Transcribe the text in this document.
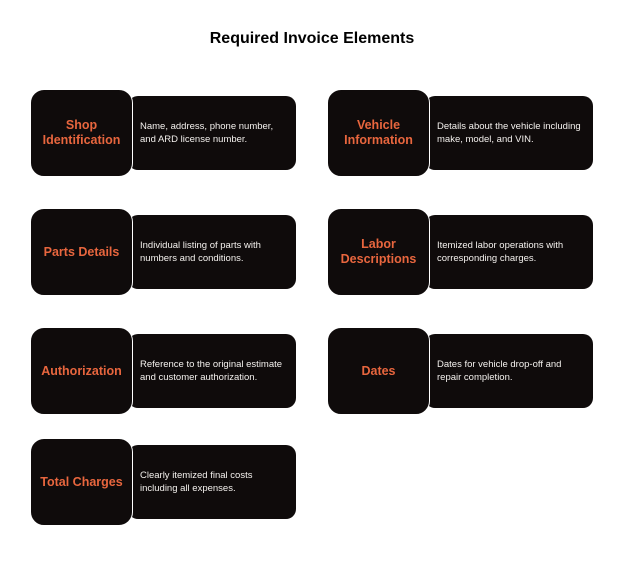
Required Invoice Elements
Name, address, phone number, and ARD license number.
Shop Identification
Details about the vehicle including make, model, and VIN.
Vehicle Information
Individual listing of parts with numbers and conditions.
Parts Details	Itemized labor operations with corresponding charges.
Labor Descriptions
Reference to the original estimate and customer authorization.
Authorization	Dates for vehicle drop-off and repair completion.
Dates
Clearly itemized final costs including all expenses.
Total Charges
